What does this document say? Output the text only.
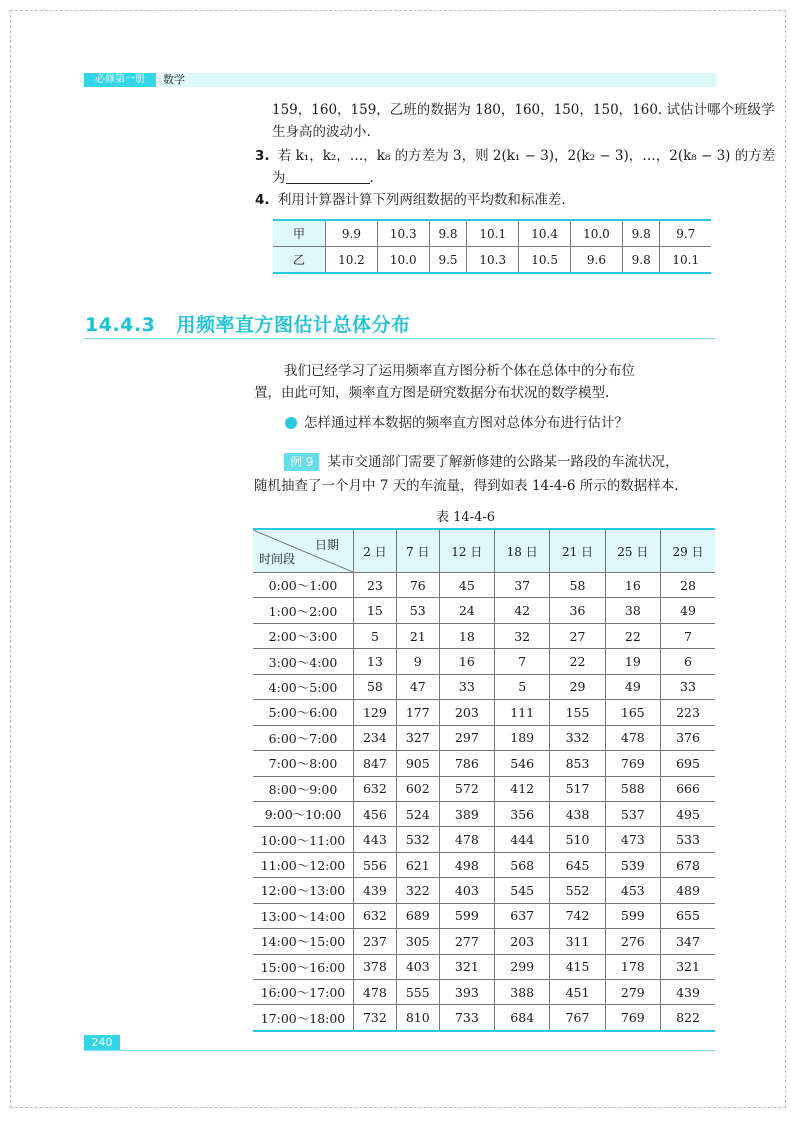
必修第一册	数学
159，160，159，乙班的数据为 180，160，150，150，160. 试估计哪个班级学
生身高的波动小.
3. 若 k₁，k₂，…，k₈ 的方差为 3，则 2(k₁ − 3)，2(k₂ − 3)，…，2(k₈ − 3) 的方差
为	.
4. 利用计算器计算下列两组数据的平均数和标准差.
甲	9.9	10.3	9.8	10.1	10.4	10.0	9.8	9.7
乙	10.2	10.0	9.5	10.3	10.5	9.6	9.8	10.1
14.4.3 用频率直方图估计总体分布
我们已经学习了运用频率直方图分析个体在总体中的分布位
置，由此可知，频率直方图是研究数据分布状况的数学模型.
怎样通过样本数据的频率直方图对总体分布进行估计？
例 9 某市交通部门需要了解新修建的公路某一路段的车流状况，
随机抽查了一个月中 7 天的车流量，得到如表 14-4-6 所示的数据样本.
表 14-4-6
日期
时间段	2 日	7 日	12 日	18 日	21 日	25 日	29 日
0:00～1:00	23	76	45	37	58	16	28
1:00～2:00	15	53	24	42	36	38	49
2:00～3:00	5	21	18	32	27	22	7
3:00～4:00	13	9	16	7	22	19	6
4:00～5:00	58	47	33	5	29	49	33
5:00～6:00	129	177	203	111	155	165	223
6:00～7:00	234	327	297	189	332	478	376
7:00～8:00	847	905	786	546	853	769	695
8:00～9:00	632	602	572	412	517	588	666
9:00～10:00	456	524	389	356	438	537	495
10:00～11:00	443	532	478	444	510	473	533
11:00～12:00	556	621	498	568	645	539	678
12:00～13:00	439	322	403	545	552	453	489
13:00～14:00	632	689	599	637	742	599	655
14:00～15:00	237	305	277	203	311	276	347
15:00～16:00	378	403	321	299	415	178	321
16:00～17:00	478	555	393	388	451	279	439
17:00～18:00	732	810	733	684	767	769	822
240
